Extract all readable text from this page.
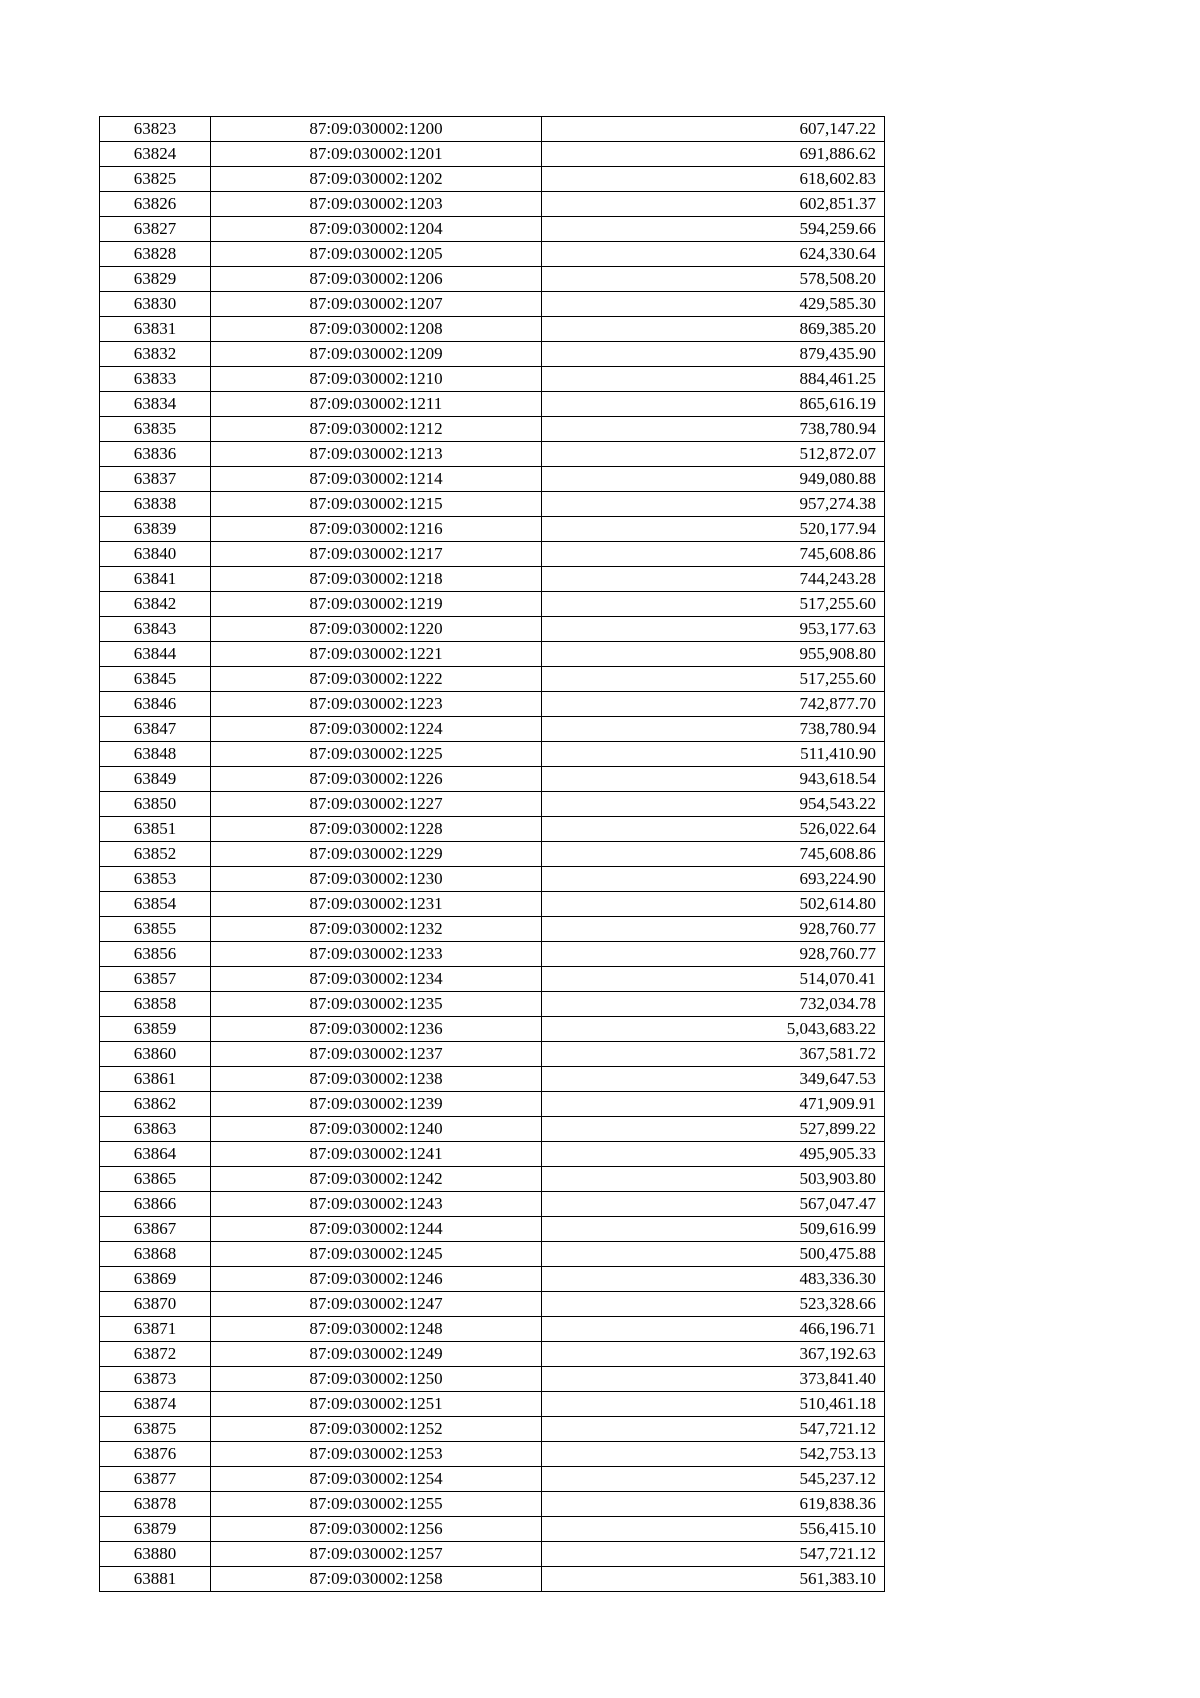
63823	87:09:030002:1200	607,147.22
63824	87:09:030002:1201	691,886.62
63825	87:09:030002:1202	618,602.83
63826	87:09:030002:1203	602,851.37
63827	87:09:030002:1204	594,259.66
63828	87:09:030002:1205	624,330.64
63829	87:09:030002:1206	578,508.20
63830	87:09:030002:1207	429,585.30
63831	87:09:030002:1208	869,385.20
63832	87:09:030002:1209	879,435.90
63833	87:09:030002:1210	884,461.25
63834	87:09:030002:1211	865,616.19
63835	87:09:030002:1212	738,780.94
63836	87:09:030002:1213	512,872.07
63837	87:09:030002:1214	949,080.88
63838	87:09:030002:1215	957,274.38
63839	87:09:030002:1216	520,177.94
63840	87:09:030002:1217	745,608.86
63841	87:09:030002:1218	744,243.28
63842	87:09:030002:1219	517,255.60
63843	87:09:030002:1220	953,177.63
63844	87:09:030002:1221	955,908.80
63845	87:09:030002:1222	517,255.60
63846	87:09:030002:1223	742,877.70
63847	87:09:030002:1224	738,780.94
63848	87:09:030002:1225	511,410.90
63849	87:09:030002:1226	943,618.54
63850	87:09:030002:1227	954,543.22
63851	87:09:030002:1228	526,022.64
63852	87:09:030002:1229	745,608.86
63853	87:09:030002:1230	693,224.90
63854	87:09:030002:1231	502,614.80
63855	87:09:030002:1232	928,760.77
63856	87:09:030002:1233	928,760.77
63857	87:09:030002:1234	514,070.41
63858	87:09:030002:1235	732,034.78
63859	87:09:030002:1236	5,043,683.22
63860	87:09:030002:1237	367,581.72
63861	87:09:030002:1238	349,647.53
63862	87:09:030002:1239	471,909.91
63863	87:09:030002:1240	527,899.22
63864	87:09:030002:1241	495,905.33
63865	87:09:030002:1242	503,903.80
63866	87:09:030002:1243	567,047.47
63867	87:09:030002:1244	509,616.99
63868	87:09:030002:1245	500,475.88
63869	87:09:030002:1246	483,336.30
63870	87:09:030002:1247	523,328.66
63871	87:09:030002:1248	466,196.71
63872	87:09:030002:1249	367,192.63
63873	87:09:030002:1250	373,841.40
63874	87:09:030002:1251	510,461.18
63875	87:09:030002:1252	547,721.12
63876	87:09:030002:1253	542,753.13
63877	87:09:030002:1254	545,237.12
63878	87:09:030002:1255	619,838.36
63879	87:09:030002:1256	556,415.10
63880	87:09:030002:1257	547,721.12
63881	87:09:030002:1258	561,383.10
